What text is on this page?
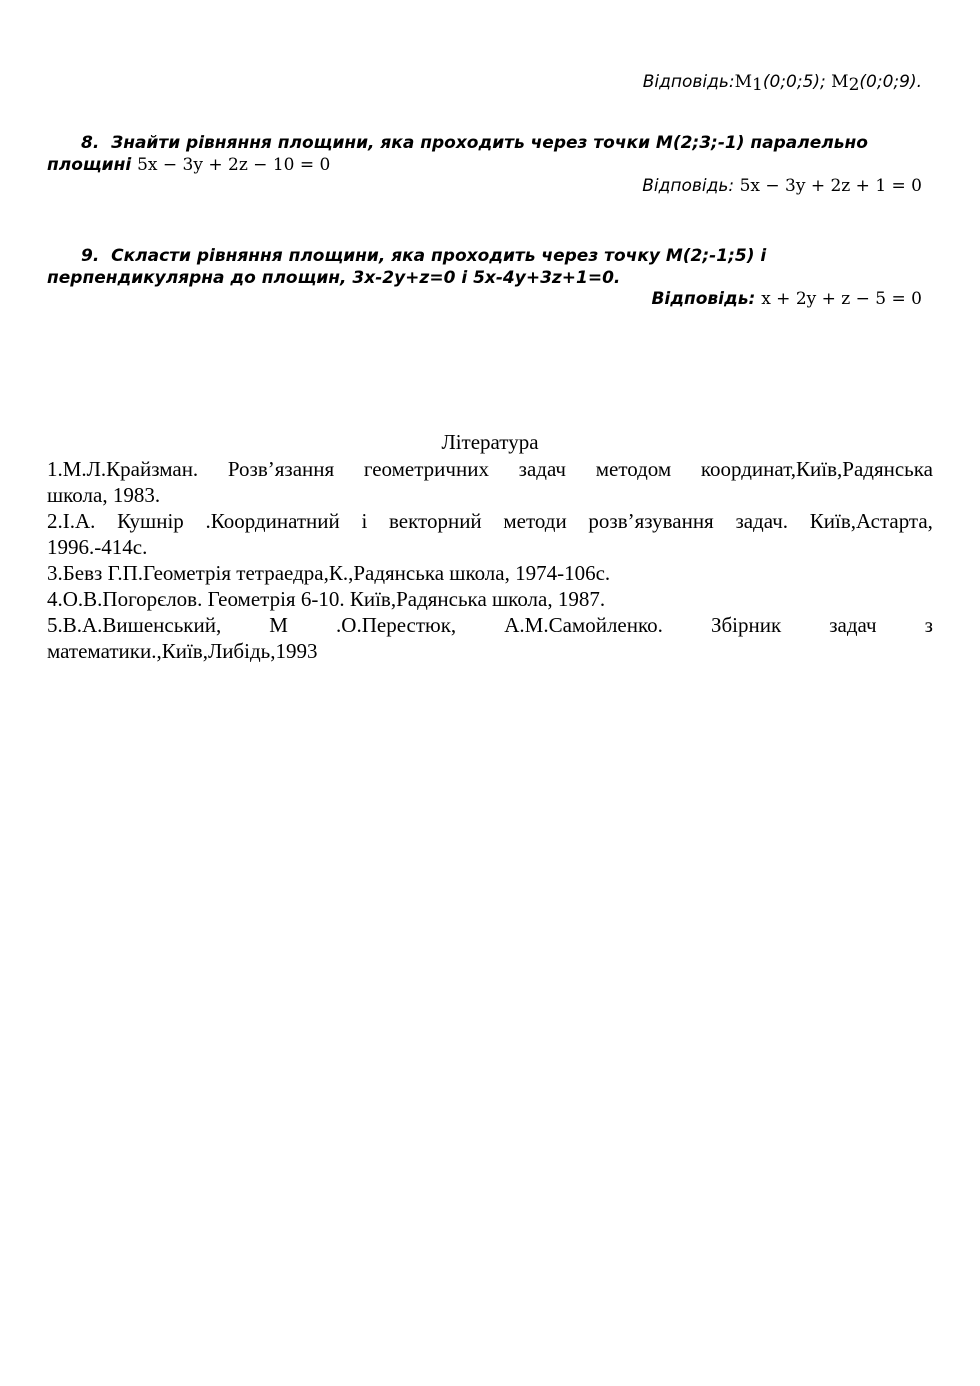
$Відповідь:M_1(0;0;5)$; $M_2(0;0;9)$.
8. Знайти рівняння площини, яка проходить через точки М(2;3;-1) паралельно
площині 5x − 3y + 2z − 10 = 0
Відповідь: 5x − 3y + 2z + 1 = 0
9. Скласти рівняння площини, яка проходить через точку М(2;-1;5) і
перпендикулярна до площин, 3x-2y+z=0 і 5x-4y+3z+1=0.
Відповідь: x + 2y + z − 5 = 0
Література
1.М.Л.Крайзман. Розв’язання геометричних задач методом координат,Київ,Радянська
школа, 1983.
2.І.А. Кушнір .Координатний і векторний методи розв’язування задач. Київ,Астарта,
1996.-414с.
3.Бевз Г.П.Геометрія тетраедра,К.,Радянська школа, 1974-106с.
4.О.В.Погорєлов. Геометрія 6-10. Київ,Радянська школа, 1987.
5.В.А.Вишенський, М .О.Перестюк, А.М.Самойленко. Збірник задач з
математики.,Київ,Либідь,1993
